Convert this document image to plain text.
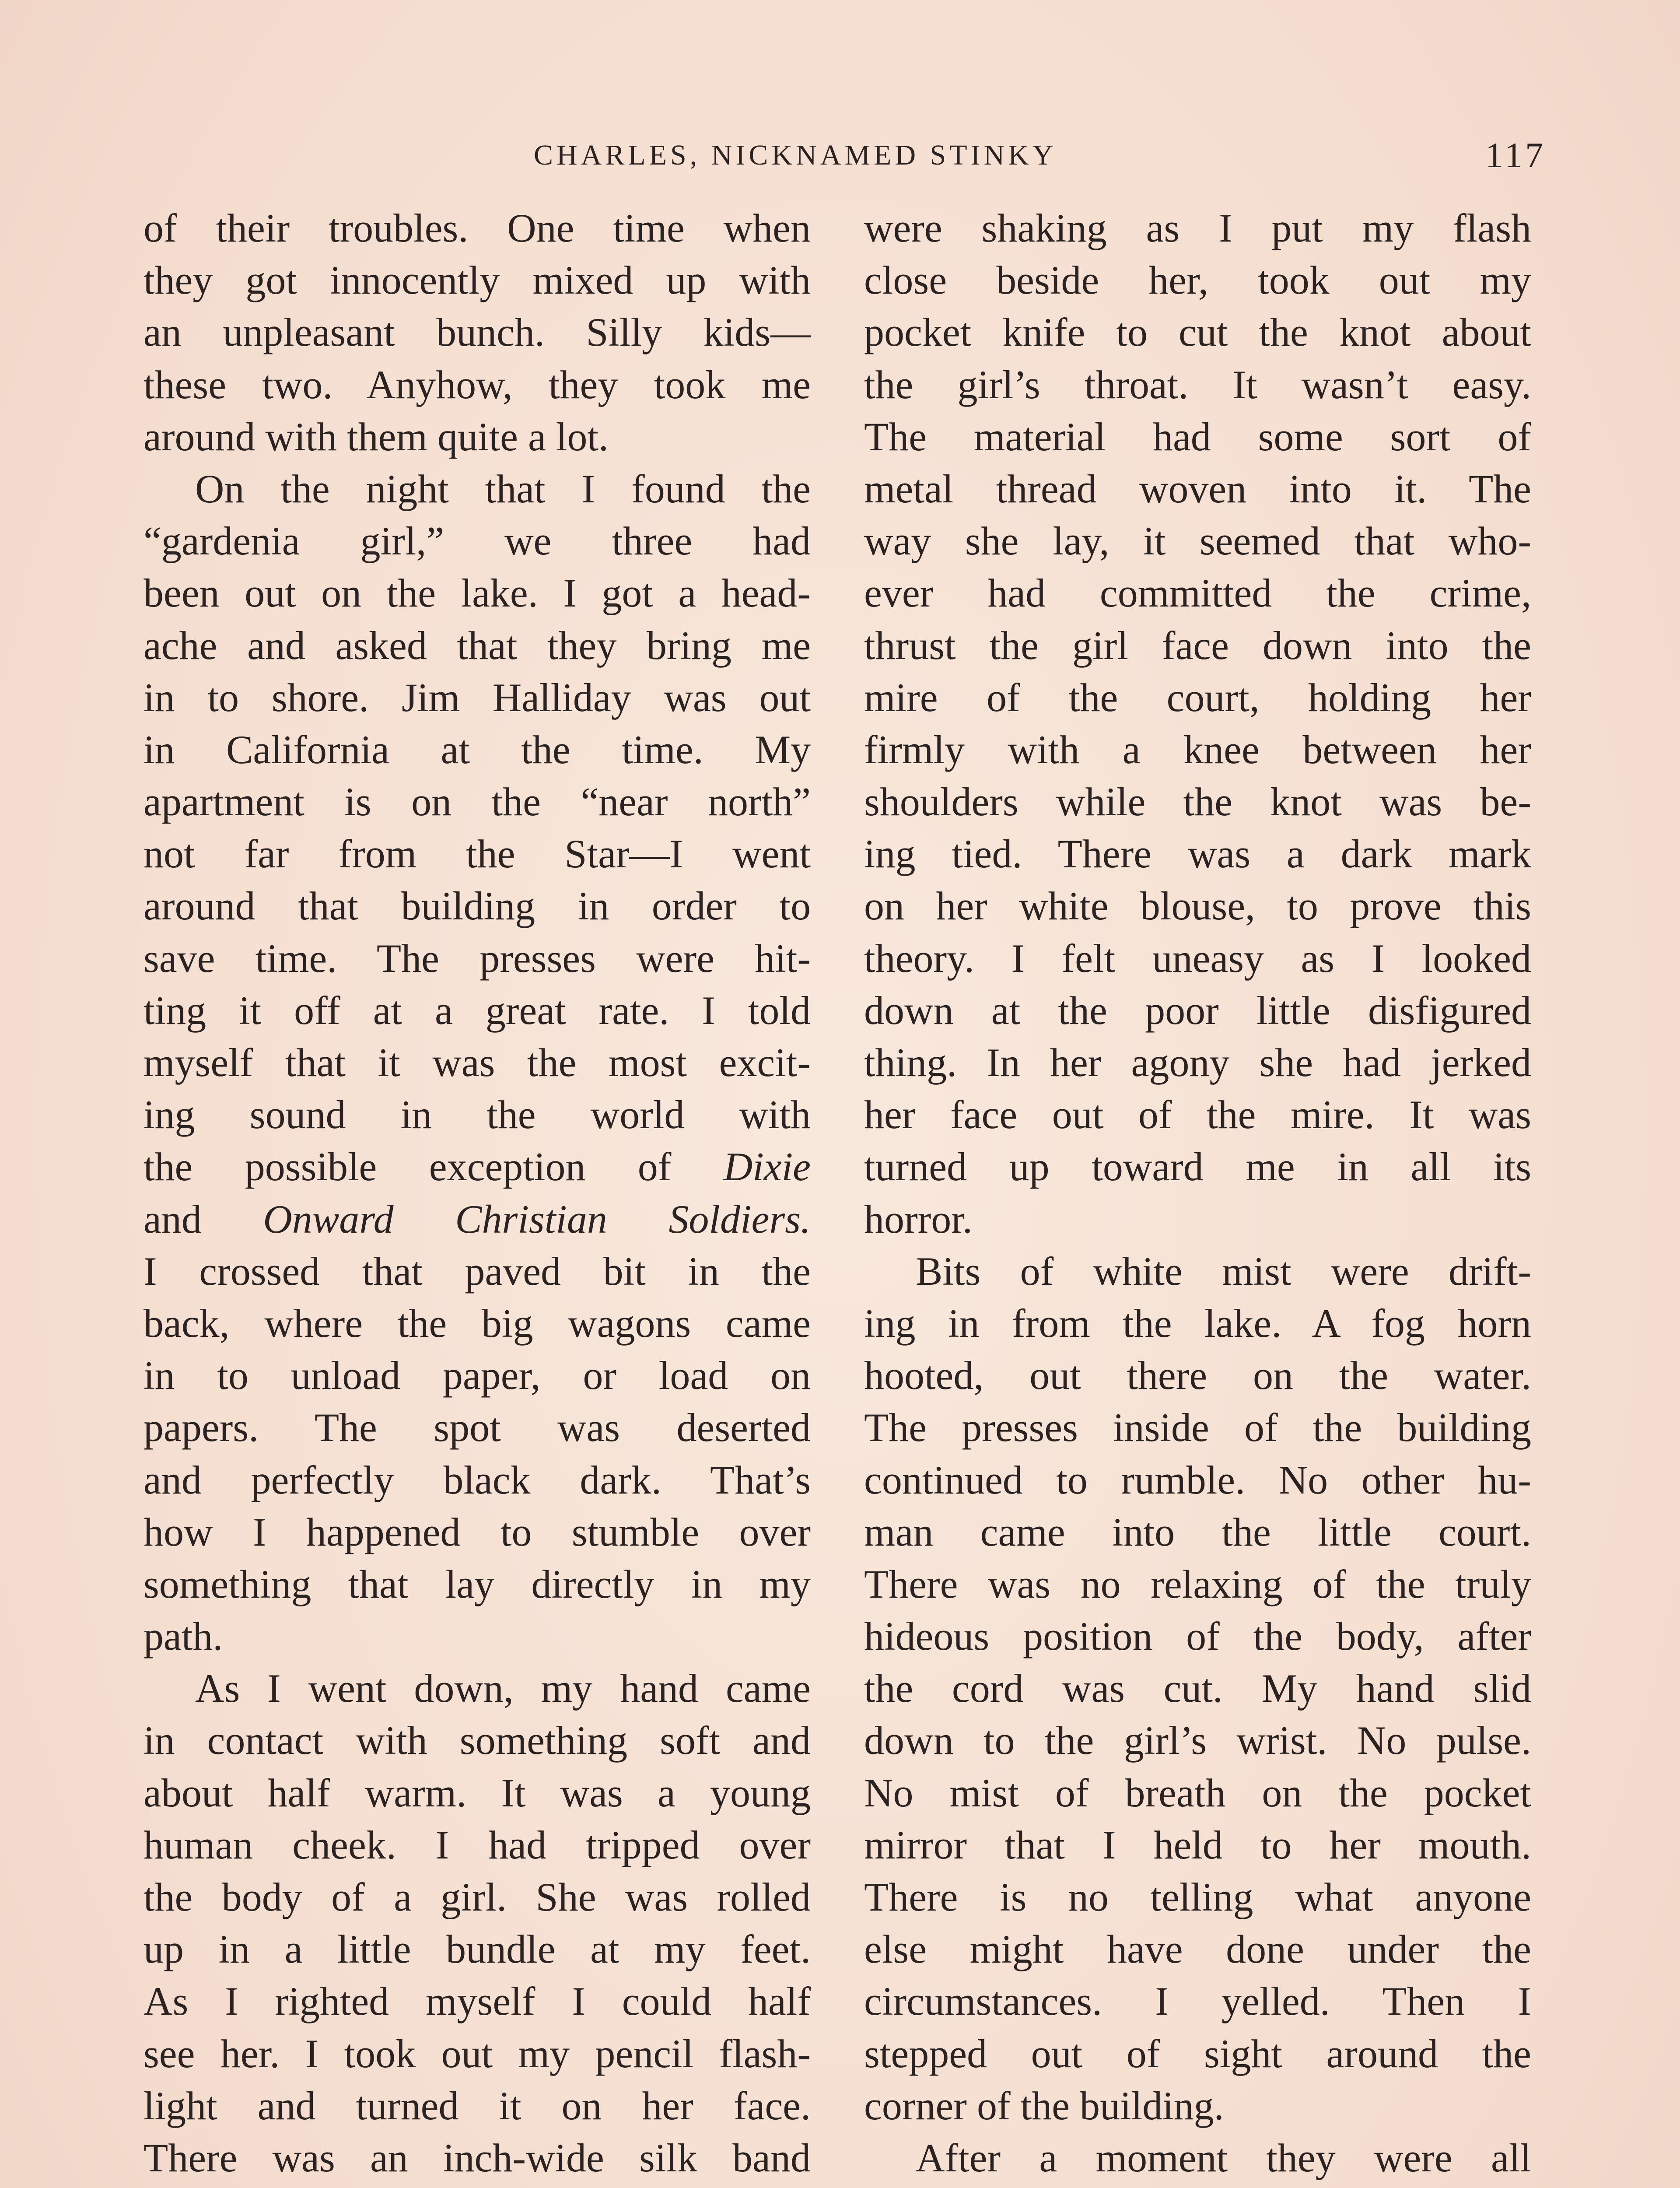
CHARLES, NICKNAMED STINKY	117
of their troubles. One time when
they got innocently mixed up with
an unpleasant bunch. Silly kids—
these two. Anyhow, they took me
around with them quite a lot.
On the night that I found the
“gardenia girl,” we three had
been out on the lake. I got a head-
ache and asked that they bring me
in to shore. Jim Halliday was out
in California at the time. My
apartment is on the “near north”
not far from the Star—I went
around that building in order to
save time. The presses were hit-
ting it off at a great rate. I told
myself that it was the most excit-
ing sound in the world with
the possible exception of Dixie
and Onward Christian Soldiers.
I crossed that paved bit in the
back, where the big wagons came
in to unload paper, or load on
papers. The spot was deserted
and perfectly black dark. That’s
how I happened to stumble over
something that lay directly in my
path.
As I went down, my hand came
in contact with something soft and
about half warm. It was a young
human cheek. I had tripped over
the body of a girl. She was rolled
up in a little bundle at my feet.
As I righted myself I could half
see her. I took out my pencil flash-
light and turned it on her face.
There was an inch-wide silk band
were shaking as I put my flash
close beside her, took out my
pocket knife to cut the knot about
the girl’s throat. It wasn’t easy.
The material had some sort of
metal thread woven into it. The
way she lay, it seemed that who-
ever had committed the crime,
thrust the girl face down into the
mire of the court, holding her
firmly with a knee between her
shoulders while the knot was be-
ing tied. There was a dark mark
on her white blouse, to prove this
theory. I felt uneasy as I looked
down at the poor little disfigured
thing. In her agony she had jerked
her face out of the mire. It was
turned up toward me in all its
horror.
Bits of white mist were drift-
ing in from the lake. A fog horn
hooted, out there on the water.
The presses inside of the building
continued to rumble. No other hu-
man came into the little court.
There was no relaxing of the truly
hideous position of the body, after
the cord was cut. My hand slid
down to the girl’s wrist. No pulse.
No mist of breath on the pocket
mirror that I held to her mouth.
There is no telling what anyone
else might have done under the
circumstances. I yelled. Then I
stepped out of sight around the
corner of the building.
After a moment they were all
